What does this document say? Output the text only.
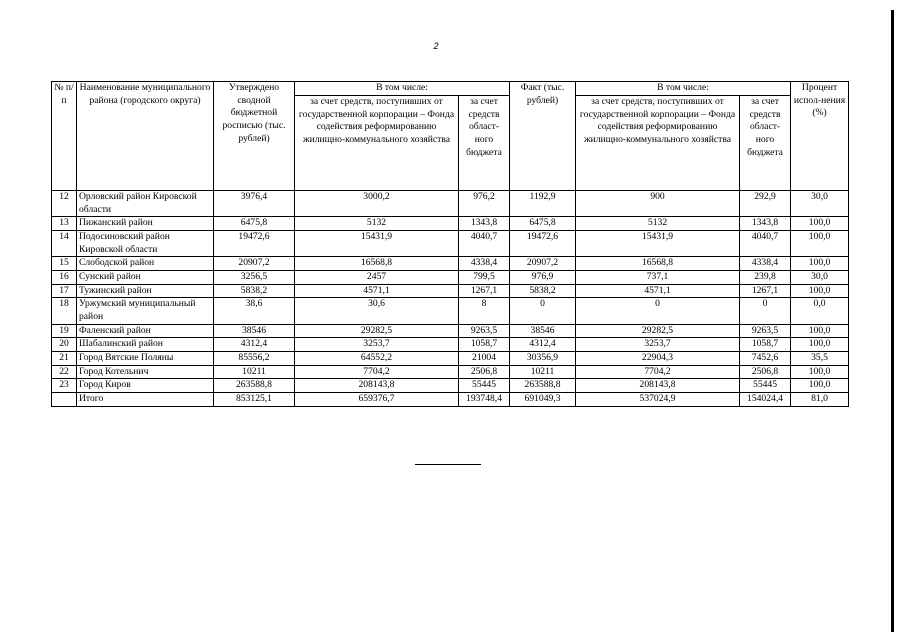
2
№ п/п	Наименование муниципального района (городского округа)	Утверждено сводной бюджетной росписью (тыс. рублей)	В том числе:		Факт (тыс. рублей)	В том числе:		Процент испол-нения (%)
			за счет средств, поступивших от государственной корпорации – Фонда содействия реформированию жилищно-коммунального хозяйства	за счет средств област-ного бюджета		за счет средств, поступивших от государственной корпорации – Фонда содействия реформированию жилищно-коммунального хозяйства	за счет средств област-ного бюджета	
12	Орловский район Кировской области	3976,4	3000,2	976,2	1192,9	900	292,9	30,0
13	Пижанский район	6475,8	5132	1343,8	6475,8	5132	1343,8	100,0
14	Подосиновский район Кировской области	19472,6	15431,9	4040,7	19472,6	15431,9	4040,7	100,0
15	Слободской район	20907,2	16568,8	4338,4	20907,2	16568,8	4338,4	100,0
16	Сунский район	3256,5	2457	799,5	976,9	737,1	239,8	30,0
17	Тужинский район	5838,2	4571,1	1267,1	5838,2	4571,1	1267,1	100,0
18	Уржумский муниципальный район	38,6	30,6	8	0	0	0	0,0
19	Фаленский район	38546	29282,5	9263,5	38546	29282,5	9263,5	100,0
20	Шабалинский район	4312,4	3253,7	1058,7	4312,4	3253,7	1058,7	100,0
21	Город Вятские Поляны	85556,2	64552,2	21004	30356,9	22904,3	7452,6	35,5
22	Город Котельнич	10211	7704,2	2506,8	10211	7704,2	2506,8	100,0
23	Город Киров	263588,8	208143,8	55445	263588,8	208143,8	55445	100,0
	Итого	853125,1	659376,7	193748,4	691049,3	537024,9	154024,4	81,0
